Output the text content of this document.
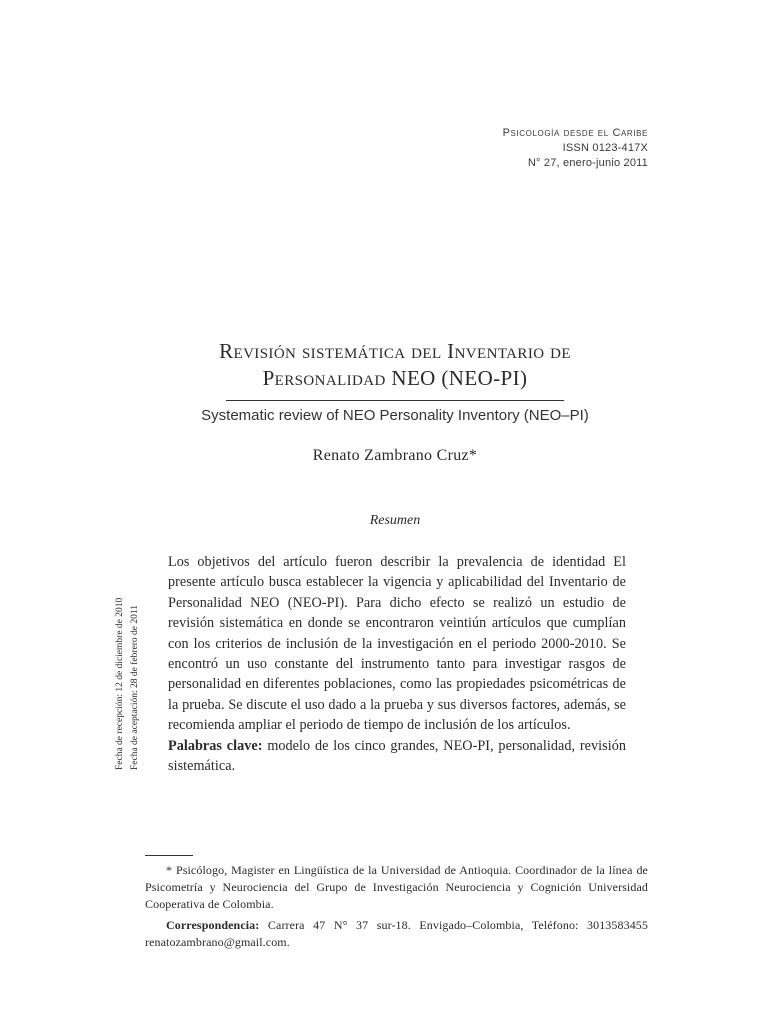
Psicología desde el Caribe
ISSN 0123-417X
N° 27, enero-junio 2011
Revisión sistemática del Inventario de
Personalidad NEO (NEO-PI)
Systematic review of NEO Personality Inventory (NEO–PI)
Renato Zambrano Cruz*
Resumen
Fecha de recepción: 12 de diciembre de 2010 Fecha de aceptación: 28 de febrero de 2011

Los objetivos del artículo fueron describir la prevalencia de identidad El presente artículo busca establecer la vigencia y aplicabilidad del Inventario de Personalidad NEO (NEO-PI). Para dicho efecto se realizó un estudio de revisión sistemática en donde se encontraron veintiún artículos que cumplían con los criterios de inclusión de la investigación en el periodo 2000-2010. Se encontró un uso constante del instrumento tanto para investigar rasgos de personalidad en diferentes poblaciones, como las propiedades psicométricas de la prueba. Se discute el uso dado a la prueba y sus diversos factores, además, se recomienda ampliar el periodo de tiempo de inclusión de los artículos.

Palabras clave: modelo de los cinco grandes, NEO-PI, personalidad, revisión sistemática.

* Psicólogo, Magister en Lingüística de la Universidad de Antioquia. Coordinador de la línea de Psicometría y Neurociencia del Grupo de Investigación Neurociencia y Cognición Universidad Cooperativa de Colombia.

Correspondencia: Carrera 47 N° 37 sur-18. Envigado–Colombia, Teléfono: 3013583455 renatozambrano@gmail.com.
